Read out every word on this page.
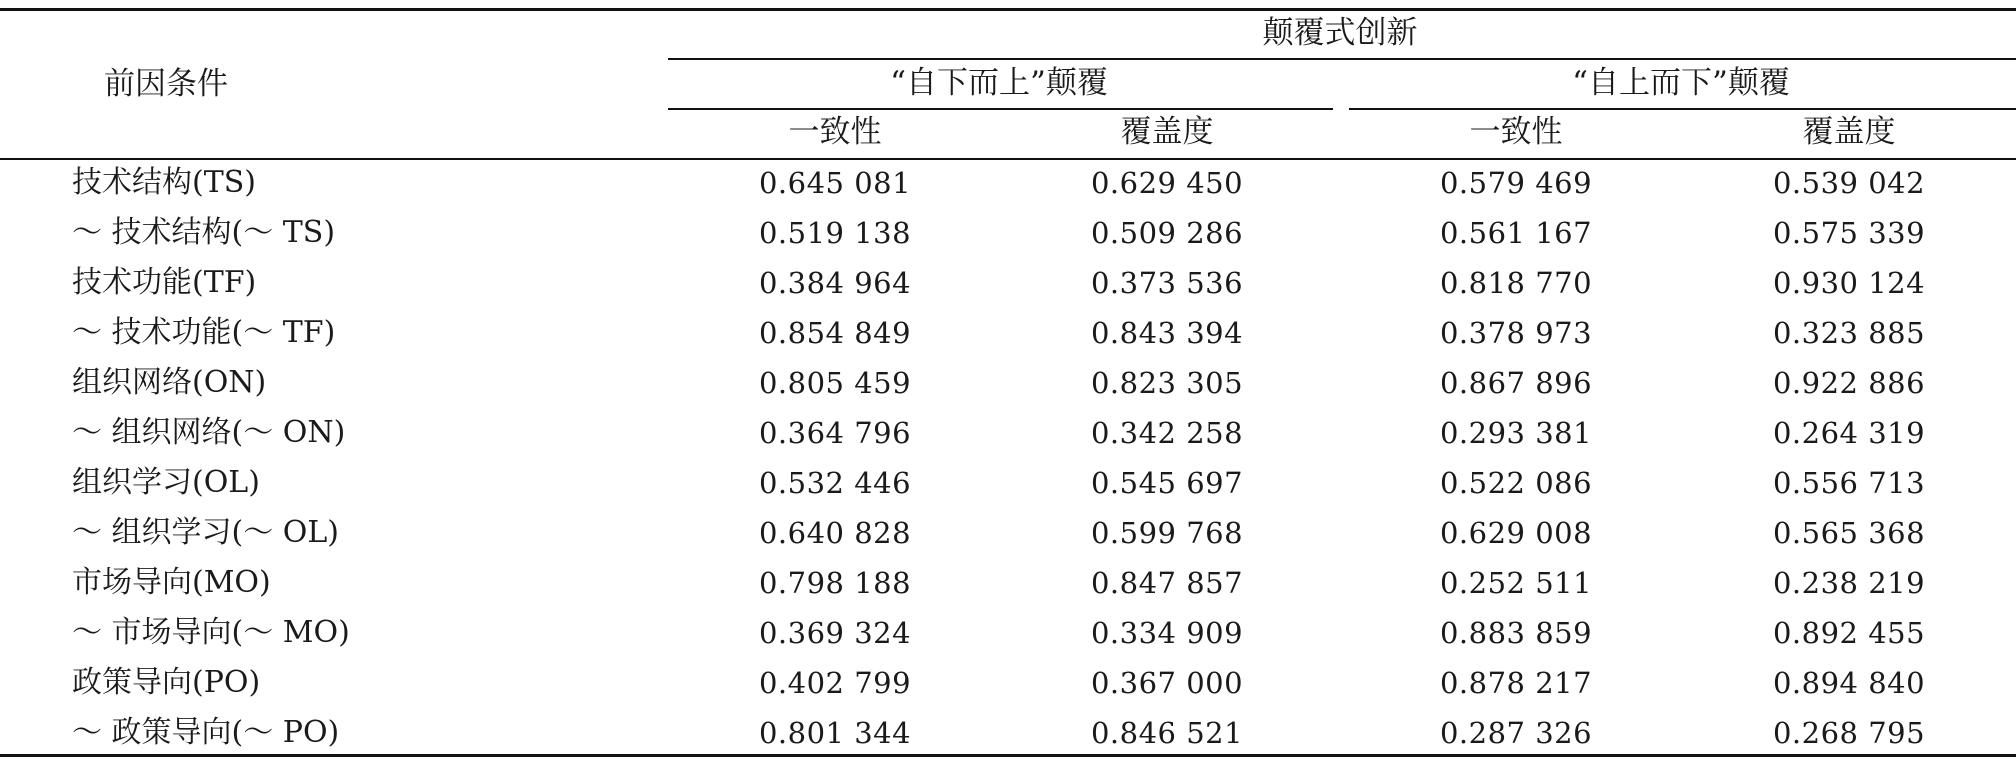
前因条件
颠覆式创新
“自下而上”颠覆	“自上而下”颠覆
一致性	覆盖度	一致性	覆盖度
技术结构(TS)	0.645 081	0.629 450	0.579 469	0.539 042
～ 技术结构(～ TS)	0.519 138	0.509 286	0.561 167	0.575 339
技术功能(TF)	0.384 964	0.373 536	0.818 770	0.930 124
～ 技术功能(～ TF)	0.854 849	0.843 394	0.378 973	0.323 885
组织网络(ON)	0.805 459	0.823 305	0.867 896	0.922 886
～ 组织网络(～ ON)	0.364 796	0.342 258	0.293 381	0.264 319
组织学习(OL)	0.532 446	0.545 697	0.522 086	0.556 713
～ 组织学习(～ OL)	0.640 828	0.599 768	0.629 008	0.565 368
市场导向(MO)	0.798 188	0.847 857	0.252 511	0.238 219
～ 市场导向(～ MO)	0.369 324	0.334 909	0.883 859	0.892 455
政策导向(PO)	0.402 799	0.367 000	0.878 217	0.894 840
～ 政策导向(～ PO)	0.801 344	0.846 521	0.287 326	0.268 795
